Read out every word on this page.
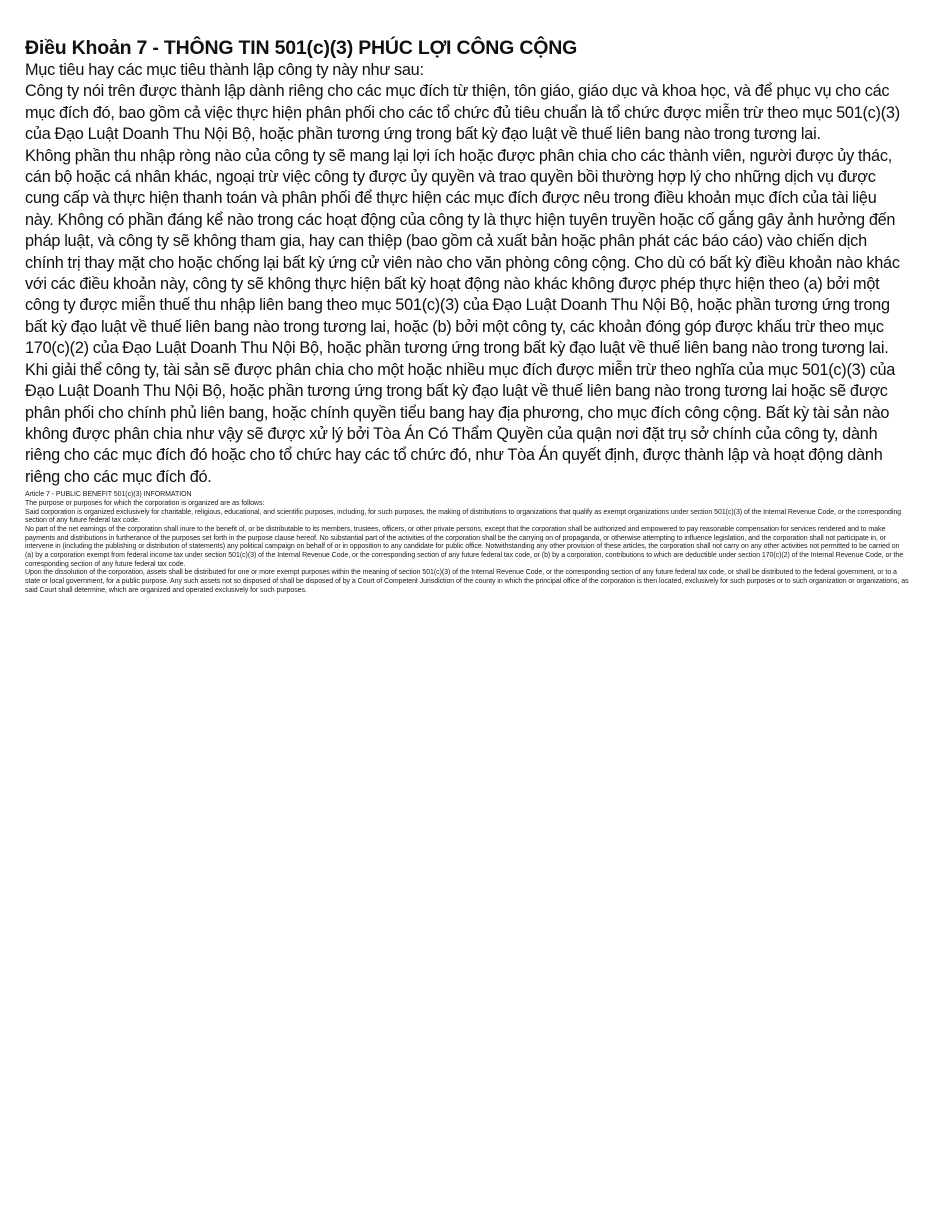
Điều Khoản 7 - THÔNG TIN 501(c)(3) PHÚC LỢI CÔNG CỘNG

Mục tiêu hay các mục tiêu thành lập công ty này như sau:

Công ty nói trên được thành lập dành riêng cho các mục đích từ thiện, tôn giáo, giáo dục và khoa học, và để phục vụ cho các mục đích đó, bao gồm cả việc thực hiện phân phối cho các tổ chức đủ tiêu chuẩn là tổ chức được miễn trừ theo mục 501(c)(3) của Đạo Luật Doanh Thu Nội Bộ, hoặc phần tương ứng trong bất kỳ đạo luật về thuế liên bang nào trong tương lai.

Không phần thu nhập ròng nào của công ty sẽ mang lại lợi ích hoặc được phân chia cho các thành viên, người được ủy thác, cán bộ hoặc cá nhân khác, ngoại trừ việc công ty được ủy quyền và trao quyền bồi thường hợp lý cho những dịch vụ được cung cấp và thực hiện thanh toán và phân phối để thực hiện các mục đích được nêu trong điều khoản mục đích của tài liệu này. Không có phần đáng kể nào trong các hoạt động của công ty là thực hiện tuyên truyền hoặc cố gắng gây ảnh hưởng đến pháp luật, và công ty sẽ không tham gia, hay can thiệp (bao gồm cả xuất bản hoặc phân phát các báo cáo) vào chiến dịch chính trị thay mặt cho hoặc chống lại bất kỳ ứng cử viên nào cho văn phòng công cộng. Cho dù có bất kỳ điều khoản nào khác với các điều khoản này, công ty sẽ không thực hiện bất kỳ hoạt động nào khác không được phép thực hiện theo (a) bởi một công ty được miễn thuế thu nhập liên bang theo mục 501(c)(3) của Đạo Luật Doanh Thu Nội Bộ, hoặc phần tương ứng trong bất kỳ đạo luật về thuế liên bang nào trong tương lai, hoặc (b) bởi một công ty, các khoản đóng góp được khấu trừ theo mục 170(c)(2) của Đạo Luật Doanh Thu Nội Bộ, hoặc phần tương ứng trong bất kỳ đạo luật về thuế liên bang nào trong tương lai.

Khi giải thể công ty, tài sản sẽ được phân chia cho một hoặc nhiều mục đích được miễn trừ theo nghĩa của mục 501(c)(3) của Đạo Luật Doanh Thu Nội Bộ, hoặc phần tương ứng trong bất kỳ đạo luật về thuế liên bang nào trong tương lai hoặc sẽ được phân phối cho chính phủ liên bang, hoặc chính quyền tiểu bang hay địa phương, cho mục đích công cộng. Bất kỳ tài sản nào không được phân chia như vậy sẽ được xử lý bởi Tòa Án Có Thẩm Quyền của quận nơi đặt trụ sở chính của công ty, dành riêng cho các mục đích đó hoặc cho tổ chức hay các tổ chức đó, như Tòa Án quyết định, được thành lập và hoạt động dành riêng cho các mục đích đó.

Article 7 - PUBLIC BENEFIT 501(c)(3) INFORMATION

The purpose or purposes for which the corporation is organized are as follows:

Said corporation is organized exclusively for charitable, religious, educational, and scientific purposes, including, for such purposes, the making of distributions to organizations that qualify as exempt organizations under section 501(c)(3) of the Internal Revenue Code, or the corresponding section of any future federal tax code.

No part of the net earnings of the corporation shall inure to the benefit of, or be distributable to its members, trustees, officers, or other private persons, except that the corporation shall be authorized and empowered to pay reasonable compensation for services rendered and to make payments and distributions in furtherance of the purposes set forth in the purpose clause hereof. No substantial part of the activities of the corporation shall be the carrying on of propaganda, or otherwise attempting to influence legislation, and the corporation shall not participate in, or intervene in (including the publishing or distribution of statements) any political campaign on behalf of or in opposition to any candidate for public office. Notwithstanding any other provision of these articles, the corporation shall not carry on any other activities not permitted to be carried on (a) by a corporation exempt from federal income tax under section 501(c)(3) of the Internal Revenue Code, or the corresponding section of any future federal tax code, or (b) by a corporation, contributions to which are deductible under section 170(c)(2) of the Internal Revenue Code, or the corresponding section of any future federal tax code.

Upon the dissolution of the corporation, assets shall be distributed for one or more exempt purposes within the meaning of section 501(c)(3) of the Internal Revenue Code, or the corresponding section of any future federal tax code, or shall be distributed to the federal government, or to a state or local government, for a public purpose. Any such assets not so disposed of shall be disposed of by a Court of Competent Jurisdiction of the county in which the principal office of the corporation is then located, exclusively for such purposes or to such organization or organizations, as said Court shall determine, which are organized and operated exclusively for such purposes.
